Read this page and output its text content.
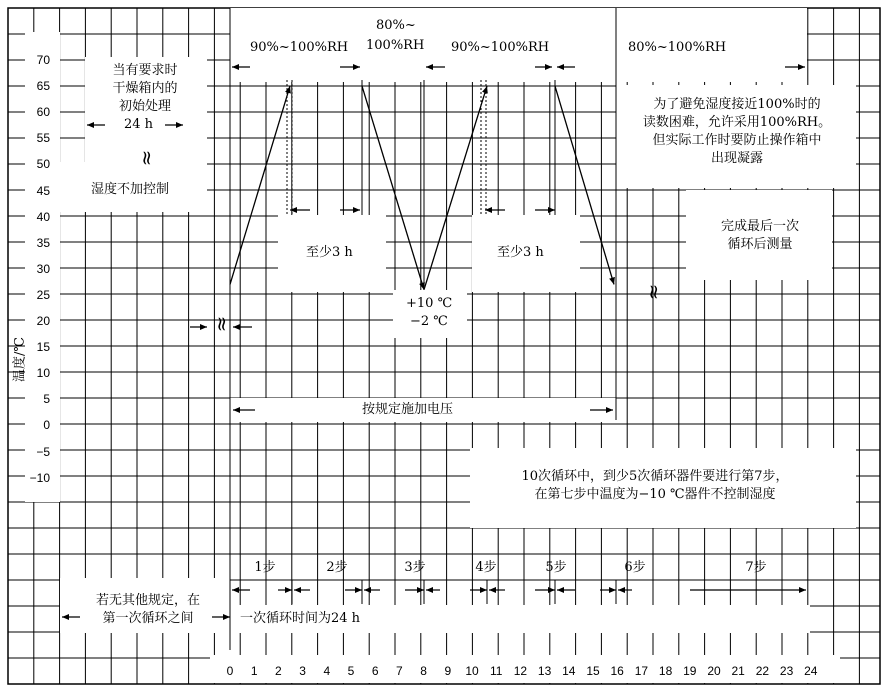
温度/℃
70
65
60
55
50
45
40
35
30
25
20
15
10
5
0
−5
−10
0 1 2 3 4 5 6 7 8 9 10 11 12 13 14 15 16 17 18 19 20 21 22 23 24
90%~100%RH
80%~
100%RH 90%~100%RH	80%~100%RH
当有要求时
干燥箱内的
初始处理
24 h
湿度不加控制
至少3 h	至少3 h
+10 ℃
−2 ℃
为了避免湿度接近100%时的
读数困难，允许采用100%RH。
但实际工作时要防止操作箱中
出现凝露
完成最后一次
循环后测量
按规定施加电压
10次循环中，到少5次循环器件要进行第7步，
在第七步中温度为−10 ℃器件不控制湿度
若无其他规定，在
第一次循环之间	一次循环时间为24 h
1步	2步	3步	4步	5步	6步	7步
≈
≈
≈
